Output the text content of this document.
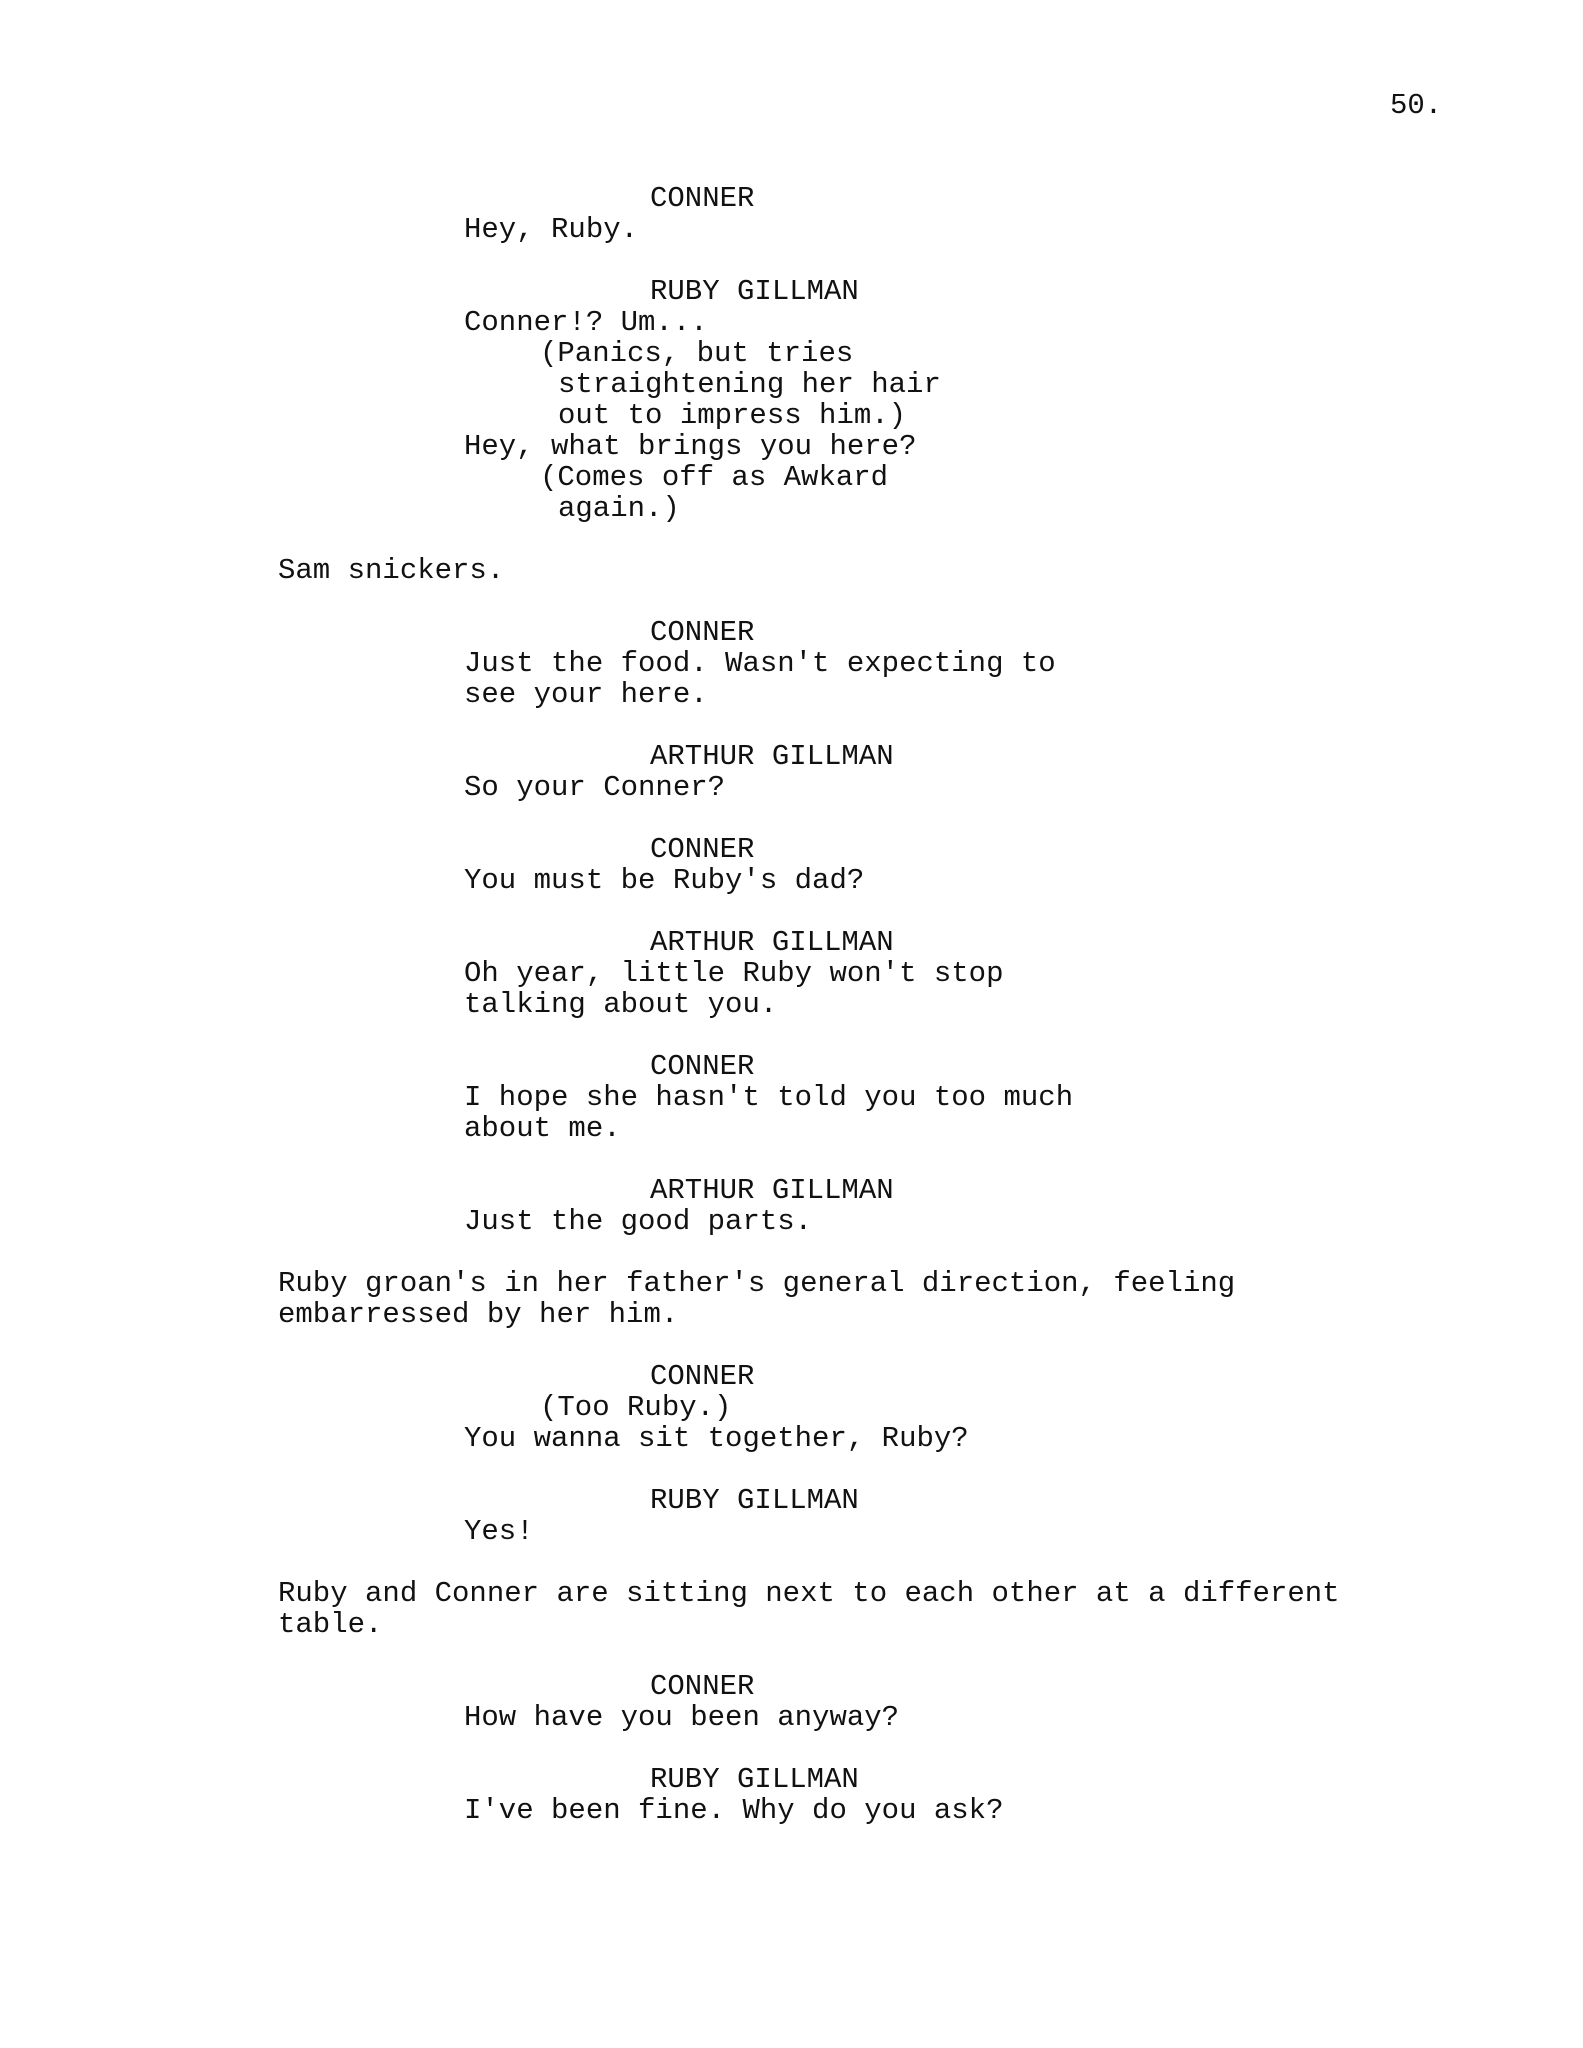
50.
CONNER
Hey, Ruby.
RUBY GILLMAN
Conner!? Um...
(Panics, but tries straightening her hair out to impress him.)
Hey, what brings you here?
(Comes off as Awkard again.)
Sam snickers.
CONNER
Just the food. Wasn't expecting to see your here.
ARTHUR GILLMAN
So your Conner?
CONNER
You must be Ruby's dad?
ARTHUR GILLMAN
Oh year, little Ruby won't stop talking about you.
CONNER
I hope she hasn't told you too much about me.
ARTHUR GILLMAN
Just the good parts.
Ruby groan's in her father's general direction, feeling embarressed by her him.
CONNER
(Too Ruby.)
You wanna sit together, Ruby?
RUBY GILLMAN
Yes!
Ruby and Conner are sitting next to each other at a different table.
CONNER
How have you been anyway?
RUBY GILLMAN
I've been fine. Why do you ask?
